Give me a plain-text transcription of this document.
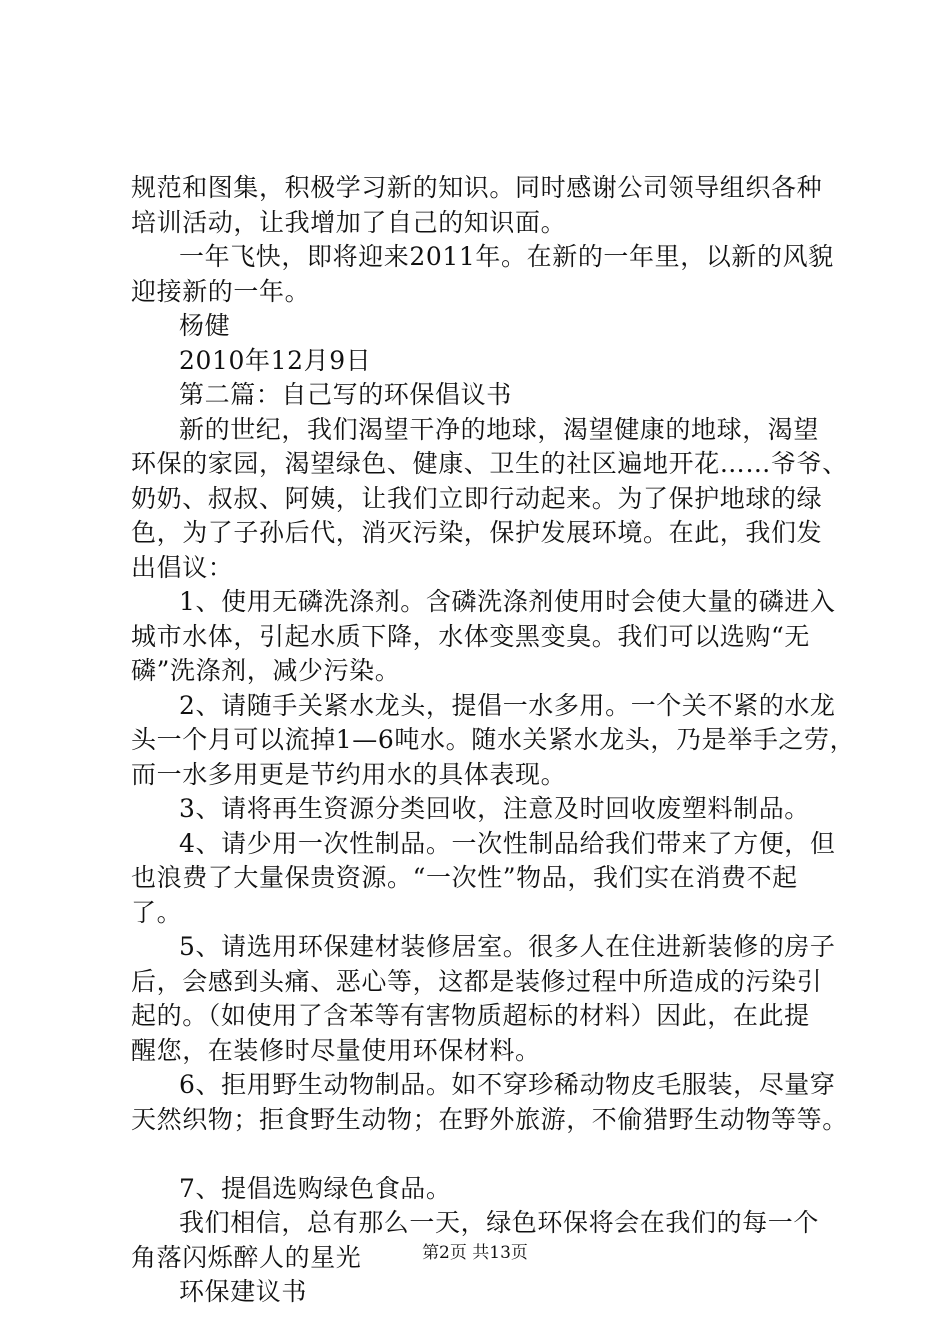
规范和图集，积极学习新的知识。同时感谢公司领导组织各种
培训活动，让我增加了自己的知识面。
一年飞快，即将迎来2011年。在新的一年里，以新的风貌
迎接新的一年。
杨健
2010年12月9日
第二篇：自己写的环保倡议书
新的世纪，我们渴望干净的地球，渴望健康的地球，渴望
环保的家园，渴望绿色、健康、卫生的社区遍地开花……爷爷、
奶奶、叔叔、阿姨，让我们立即行动起来。为了保护地球的绿
色，为了子孙后代，消灭污染，保护发展环境。在此，我们发
出倡议：
1、使用无磷洗涤剂。含磷洗涤剂使用时会使大量的磷进入
城市水体，引起水质下降，水体变黑变臭。我们可以选购“无
磷”洗涤剂，减少污染。
2、请随手关紧水龙头，提倡一水多用。一个关不紧的水龙
头一个月可以流掉1—6吨水。随水关紧水龙头，乃是举手之劳，
而一水多用更是节约用水的具体表现。
3、请将再生资源分类回收，注意及时回收废塑料制品。
4、请少用一次性制品。一次性制品给我们带来了方便，但
也浪费了大量保贵资源。“一次性”物品，我们实在消费不起
了。
5、请选用环保建材装修居室。很多人在住进新装修的房子
后，会感到头痛、恶心等，这都是装修过程中所造成的污染引
起的。（如使用了含苯等有害物质超标的材料）因此，在此提
醒您，在装修时尽量使用环保材料。
6、拒用野生动物制品。如不穿珍稀动物皮毛服装，尽量穿
天然织物；拒食野生动物；在野外旅游，不偷猎野生动物等等。
7、提倡选购绿色食品。
我们相信，总有那么一天，绿色环保将会在我们的每一个
角落闪烁醉人的星光
环保建议书
第2页 共13页
